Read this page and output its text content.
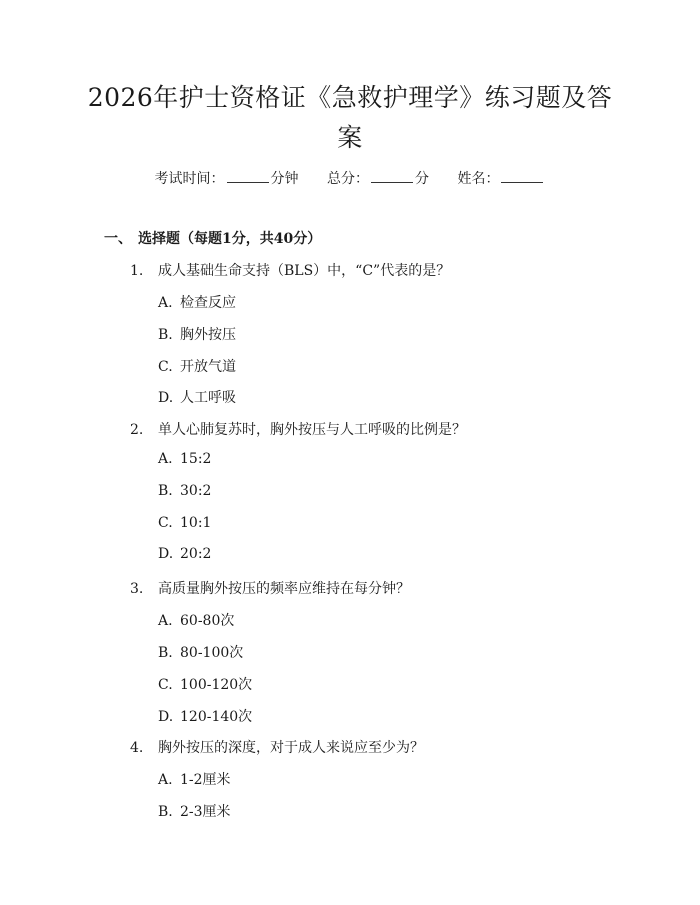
2026年护士资格证《急救护理学》练习题及答案
考试时间：	分钟 总分：	分 姓名：
一、 选择题（每题1分，共40分）
1. 成人基础生命支持（BLS）中，“C”代表的是？
A. 检查反应
B. 胸外按压
C. 开放气道
D. 人工呼吸
2. 单人心肺复苏时，胸外按压与人工呼吸的比例是？
A. 15:2
B. 30:2
C. 10:1
D. 20:2
3. 高质量胸外按压的频率应维持在每分钟？
A. 60-80次
B. 80-100次
C. 100-120次
D. 120-140次
4. 胸外按压的深度，对于成人来说应至少为？
A. 1-2厘米
B. 2-3厘米
